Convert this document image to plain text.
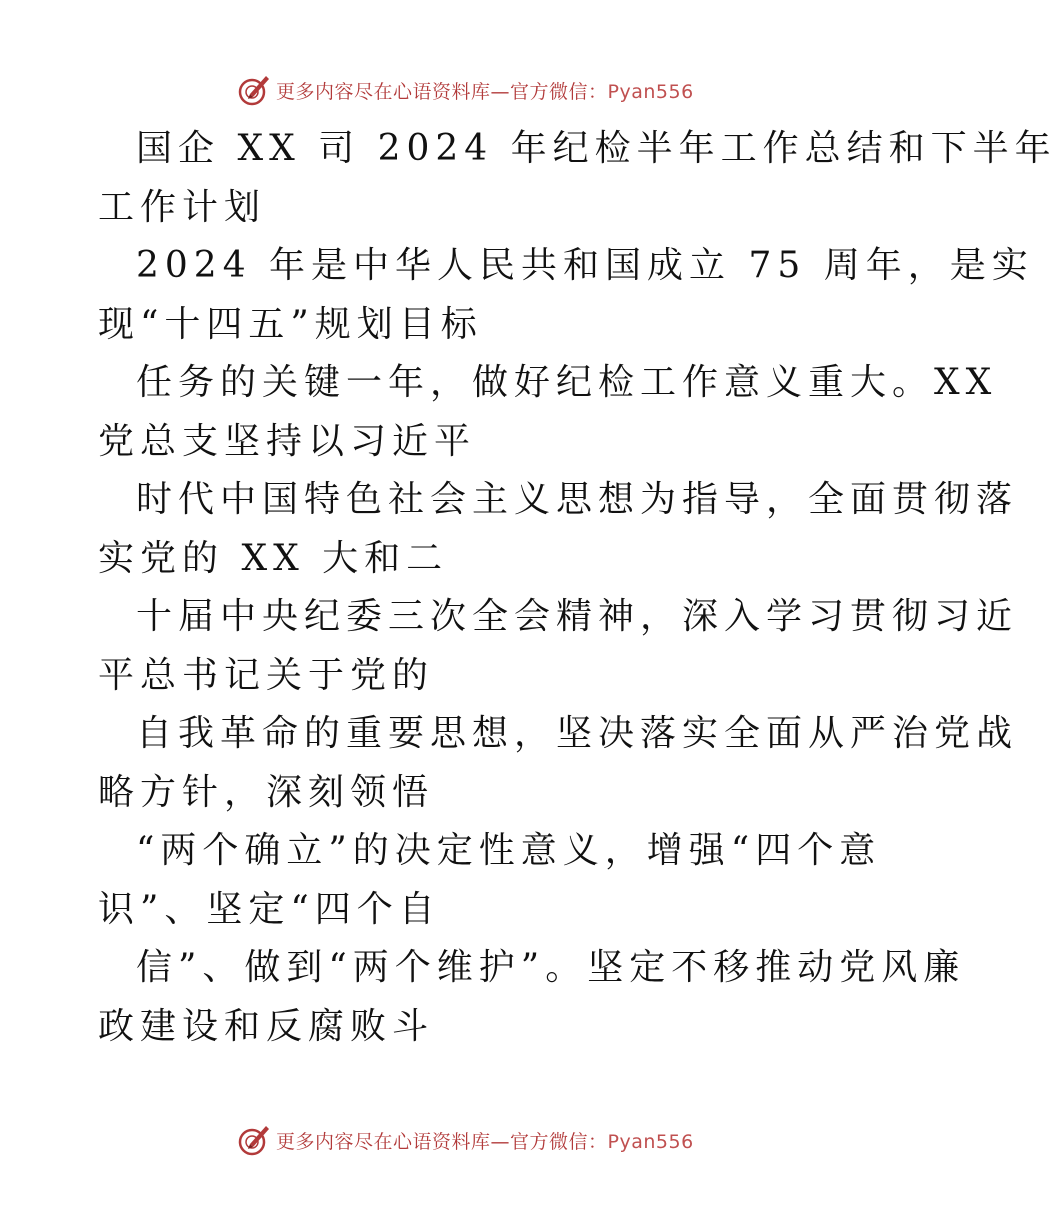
更多内容尽在心语资料库—官方微信：Pyan556
国企 XX 司 2024 年纪检半年工作总结和下半年
工作计划
2024 年是中华人民共和国成立 75 周年，是实
现“十四五”规划目标
任务的关键一年，做好纪检工作意义重大。XX
党总支坚持以习近平
时代中国特色社会主义思想为指导，全面贯彻落
实党的 XX 大和二
十届中央纪委三次全会精神，深入学习贯彻习近
平总书记关于党的
自我革命的重要思想，坚决落实全面从严治党战
略方针，深刻领悟
“两个确立”的决定性意义，增强“四个意
识”、坚定“四个自
信”、做到“两个维护”。坚定不移推动党风廉
政建设和反腐败斗
更多内容尽在心语资料库—官方微信：Pyan556
